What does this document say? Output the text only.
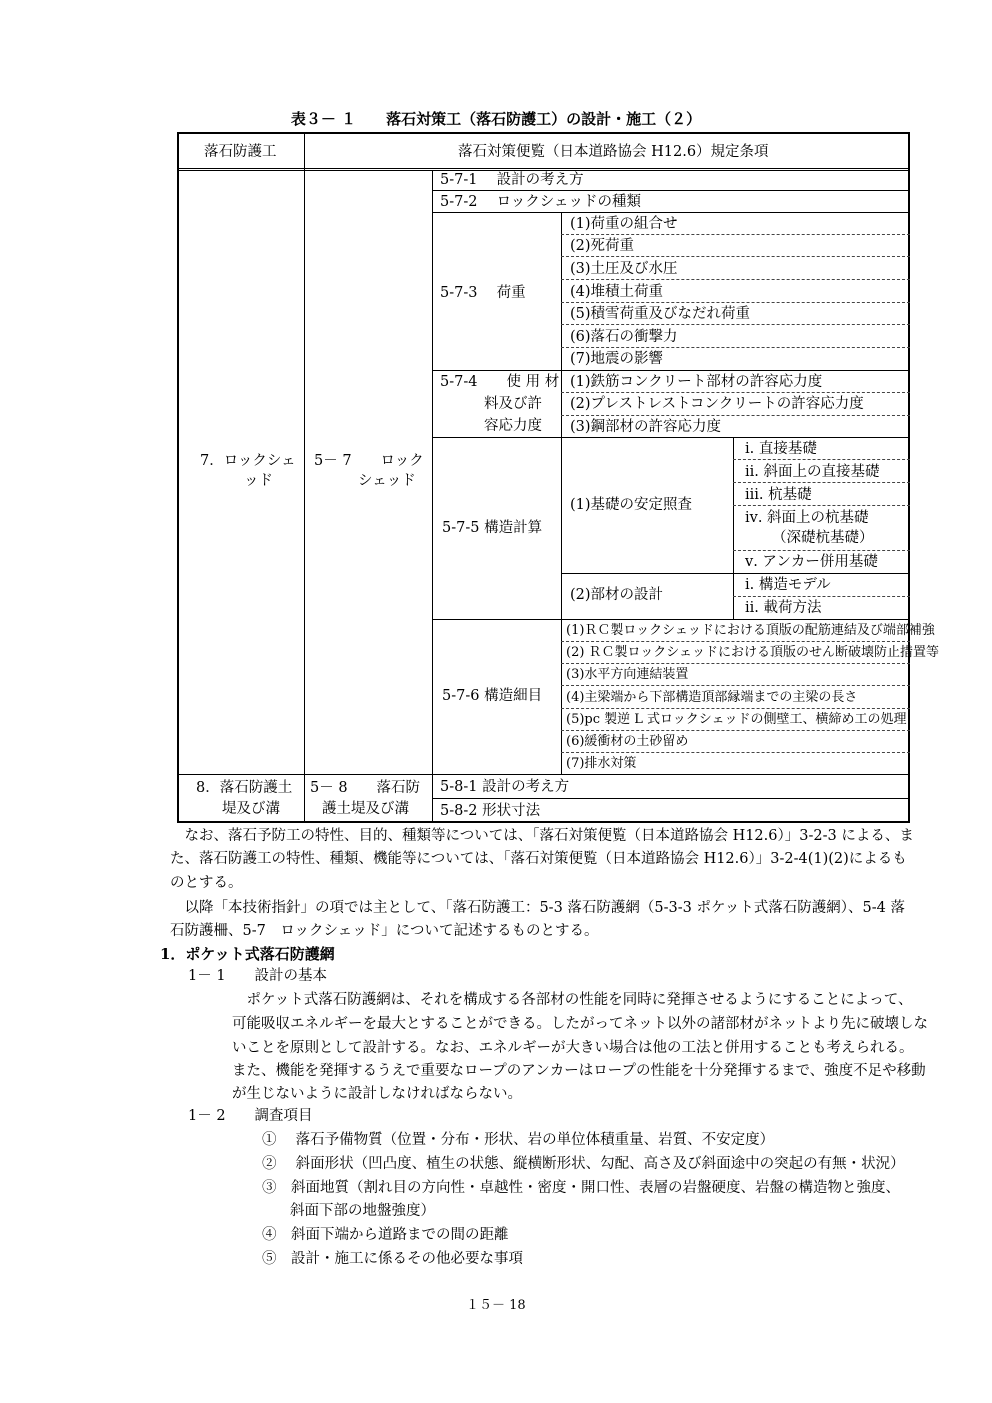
表３－ １　　落石対策工（落石防護工）の設計・施工（２）
落石防護工	落石対策便覧（日本道路協会 H12.6）規定条項
7．ロックシェ
ッド
5－ 7　　ロック
シェッド
5-7-1　 設計の考え方
5-7-2　 ロックシェッドの種類
5-7-3　 荷重
(1)荷重の組合せ
(2)死荷重
(3)土圧及び水圧
(4)堆積土荷重
(5)積雪荷重及びなだれ荷重
(6)落石の衝撃力
(7)地震の影響
5-7-4　　使 用 材
料及び許
容応力度
(1)鉄筋コンクリート部材の許容応力度
(2)プレストレストコンクリートの許容応力度
(3)鋼部材の許容応力度
5-7-5 構造計算
(1)基礎の安定照査
ⅰ. 直接基礎
ⅱ. 斜面上の直接基礎
ⅲ. 杭基礎
ⅳ. 斜面上の杭基礎
（深礎杭基礎）
ⅴ. アンカー併用基礎
(2)部材の設計
ⅰ. 構造モデル
ⅱ. 載荷方法
5-7-6 構造細目
(1)ＲＣ製ロックシェッドにおける頂版の配筋連結及び端部補強
(2) ＲＣ製ロックシェッドにおける頂版のせん断破壊防止措置等
(3)水平方向連結装置
(4)主梁端から下部構造頂部縁端までの主梁の長さ
(5)pc 製逆 L 式ロックシェッドの側壁工、横締め工の処理
(6)緩衝材の土砂留め
(7)排水対策
8．落石防護土
堤及び溝
5－ 8　　落石防
護土堤及び溝
5-8-1 設計の考え方
5-8-2 形状寸法
　なお、落石予防工の特性、目的、種類等については、「落石対策便覧（日本道路協会 H12.6）」3-2-3 による、ま
た、落石防護工の特性、種類、機能等については、「落石対策便覧（日本道路協会 H12.6）」3-2-4(1)(2)によるも
のとする。
　以降「本技術指針」の項では主として、「落石防護工：5-3 落石防護網（5-3-3 ポケット式落石防護網）、5-4 落
石防護柵、5-7　ロックシェッド」について記述するものとする。
1．ポケット式落石防護網
1－ 1　　設計の基本
　ポケット式落石防護網は、それを構成する各部材の性能を同時に発揮させるようにすることによって、
可能吸収エネルギーを最大とすることができる。したがってネット以外の諸部材がネットより先に破壊しな
いことを原則として設計する。なお、エネルギーが大きい場合は他の工法と併用することも考えられる。
また、機能を発揮するうえで重要なロープのアンカーはロープの性能を十分発揮するまで、強度不足や移動
が生じないように設計しなければならない。
1－ 2　　調査項目
①　 落石予備物質（位置・分布・形状、岩の単位体積重量、岩質、不安定度）
②　 斜面形状（凹凸度、植生の状態、縦横断形状、勾配、高さ及び斜面途中の突起の有無・状況）
③　斜面地質（割れ目の方向性・卓越性・密度・開口性、表層の岩盤硬度、岩盤の構造物と強度、
斜面下部の地盤強度）
④　斜面下端から道路までの間の距離
⑤　設計・施工に係るその他必要な事項
１５－ 18
